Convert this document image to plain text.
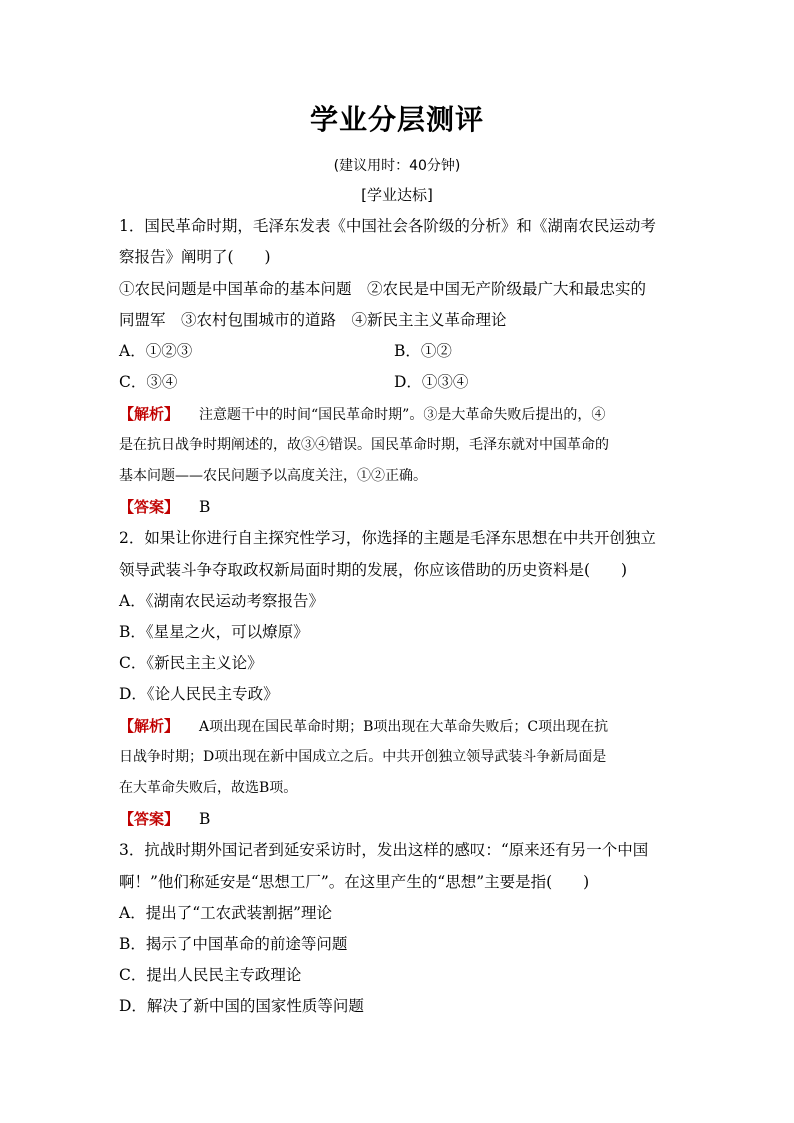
学业分层测评
(建议用时：40分钟)
[学业达标]
1．国民革命时期，毛泽东发表《中国社会各阶级的分析》和《湖南农民运动考
察报告》阐明了(　　)
①农民问题是中国革命的基本问题　②农民是中国无产阶级最广大和最忠实的
同盟军　③农村包围城市的道路　④新民主主义革命理论
A．①②③	B．①②
C．③④	D．①③④
【解析】 注意题干中的时间“国民革命时期”。③是大革命失败后提出的，④
是在抗日战争时期阐述的，故③④错误。国民革命时期，毛泽东就对中国革命的
基本问题——农民问题予以高度关注，①②正确。
【答案】 B
2．如果让你进行自主探究性学习，你选择的主题是毛泽东思想在中共开创独立
领导武装斗争夺取政权新局面时期的发展，你应该借助的历史资料是(　　)
A．《湖南农民运动考察报告》
B．《星星之火，可以燎原》
C．《新民主主义论》
D．《论人民民主专政》
【解析】 A项出现在国民革命时期；B项出现在大革命失败后；C项出现在抗
日战争时期；D项出现在新中国成立之后。中共开创独立领导武装斗争新局面是
在大革命失败后，故选B项。
【答案】 B
3．抗战时期外国记者到延安采访时，发出这样的感叹：“原来还有另一个中国
啊！”他们称延安是“思想工厂”。在这里产生的“思想”主要是指(　　)
A．提出了“工农武装割据”理论
B．揭示了中国革命的前途等问题
C．提出人民民主专政理论
D．解决了新中国的国家性质等问题
